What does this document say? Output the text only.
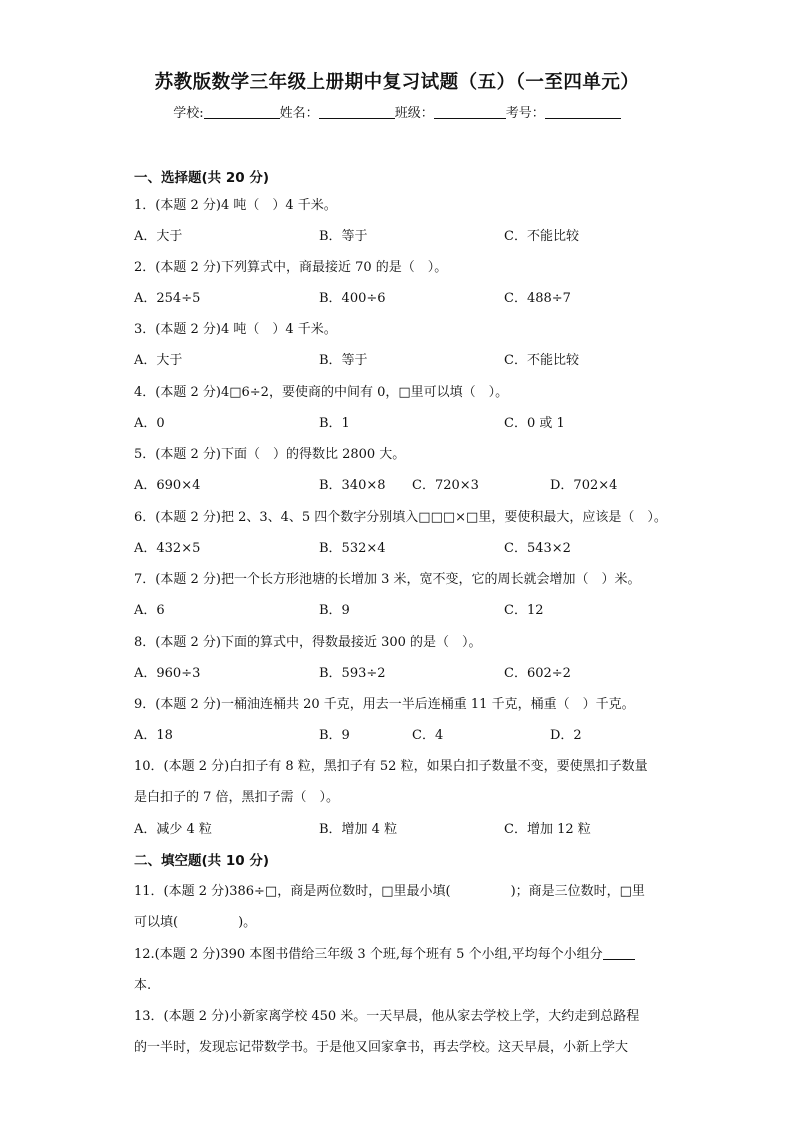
苏教版数学三年级上册期中复习试题（五）（一至四单元）
学校:	姓名：	班级：	考号：
一、选择题(共 20 分)
1．(本题 2 分)4 吨（　）4 千米。
A．大于	B．等于	C．不能比较
2．(本题 2 分)下列算式中，商最接近 70 的是（　）。
A．254÷5	B．400÷6	C．488÷7
3．(本题 2 分)4 吨（　）4 千米。
A．大于	B．等于	C．不能比较
4．(本题 2 分)4□6÷2，要使商的中间有 0，□里可以填（　）。
A．0	B．1	C．0 或 1
5．(本题 2 分)下面（　）的得数比 2800 大。
A．690×4	B．340×8 C．720×3	D．702×4
6．(本题 2 分)把 2、3、4、5 四个数字分别填入□□□×□里，要使积最大，应该是（　）。
A．432×5	B．532×4	C．543×2
7．(本题 2 分)把一个长方形池塘的长增加 3 米，宽不变，它的周长就会增加（　）米。
A．6	B．9	C．12
8．(本题 2 分)下面的算式中，得数最接近 300 的是（　）。
A．960÷3	B．593÷2	C．602÷2
9．(本题 2 分)一桶油连桶共 20 千克，用去一半后连桶重 11 千克，桶重（　）千克。
A．18	B．9	C．4	D．2
10．(本题 2 分)白扣子有 8 粒，黑扣子有 52 粒，如果白扣子数量不变，要使黑扣子数量
是白扣子的 7 倍，黑扣子需（　）。
A．减少 4 粒	B．增加 4 粒	C．增加 12 粒
二、填空题(共 10 分)
11．(本题 2 分)386÷□，商是两位数时，□里最小填(	)；商是三位数时，□里
可以填(	)。
12.(本题 2 分)390 本图书借给三年级 3 个班,每个班有 5 个小组,平均每个小组分
本.
13．(本题 2 分)小新家离学校 450 米。一天早晨，他从家去学校上学，大约走到总路程
的一半时，发现忘记带数学书。于是他又回家拿书，再去学校。这天早晨，小新上学大
